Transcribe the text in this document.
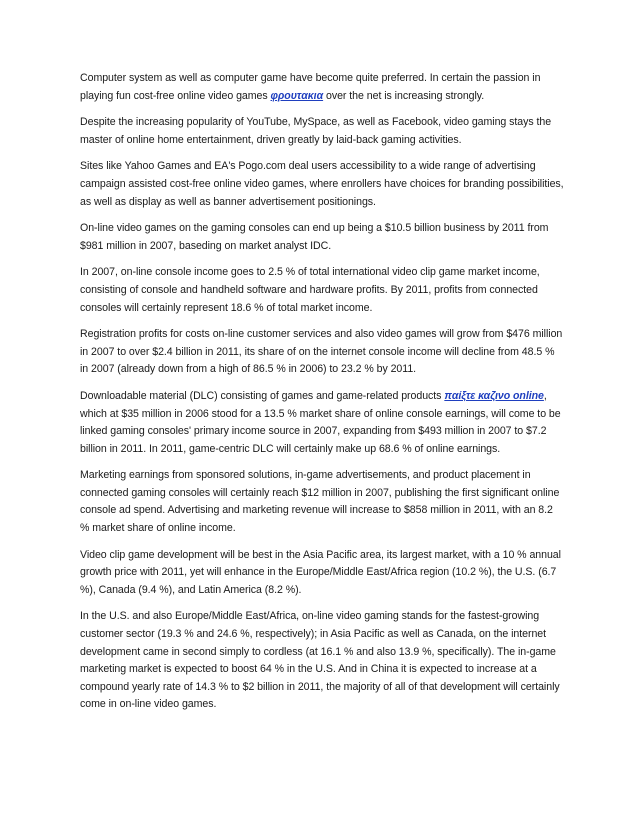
Computer system as well as computer game have become quite preferred. In certain the passion in playing fun cost-free online video games φρουτακια over the net is increasing strongly.

Despite the increasing popularity of YouTube, MySpace, as well as Facebook, video gaming stays the master of online home entertainment, driven greatly by laid-back gaming activities.

Sites like Yahoo Games and EA's Pogo.com deal users accessibility to a wide range of advertising campaign assisted cost-free online video games, where enrollers have choices for branding possibilities, as well as display as well as banner advertisement positionings.

On-line video games on the gaming consoles can end up being a $10.5 billion business by 2011 from $981 million in 2007, baseding on market analyst IDC.

In 2007, on-line console income goes to 2.5 % of total international video clip game market income, consisting of console and handheld software and hardware profits. By 2011, profits from connected consoles will certainly represent 18.6 % of total market income.

Registration profits for costs on-line customer services and also video games will grow from $476 million in 2007 to over $2.4 billion in 2011, its share of on the internet console income will decline from 48.5 % in 2007 (already down from a high of 86.5 % in 2006) to 23.2 % by 2011.

Downloadable material (DLC) consisting of games and game-related products παίξτε καζινο online, which at $35 million in 2006 stood for a 13.5 % market share of online console earnings, will come to be linked gaming consoles' primary income source in 2007, expanding from $493 million in 2007 to $7.2 billion in 2011. In 2011, game-centric DLC will certainly make up 68.6 % of online earnings.

Marketing earnings from sponsored solutions, in-game advertisements, and product placement in connected gaming consoles will certainly reach $12 million in 2007, publishing the first significant online console ad spend. Advertising and marketing revenue will increase to $858 million in 2011, with an 8.2 % market share of online income.

Video clip game development will be best in the Asia Pacific area, its largest market, with a 10 % annual growth price with 2011, yet will enhance in the Europe/Middle East/Africa region (10.2 %), the U.S. (6.7 %), Canada (9.4 %), and Latin America (8.2 %).

In the U.S. and also Europe/Middle East/Africa, on-line video gaming stands for the fastest-growing customer sector (19.3 % and 24.6 %, respectively); in Asia Pacific as well as Canada, on the internet development came in second simply to cordless (at 16.1 % and also 13.9 %, specifically). The in-game marketing market is expected to boost 64 % in the U.S. And in China it is expected to increase at a compound yearly rate of 14.3 % to $2 billion in 2011, the majority of all of that development will certainly come in on-line video games.
